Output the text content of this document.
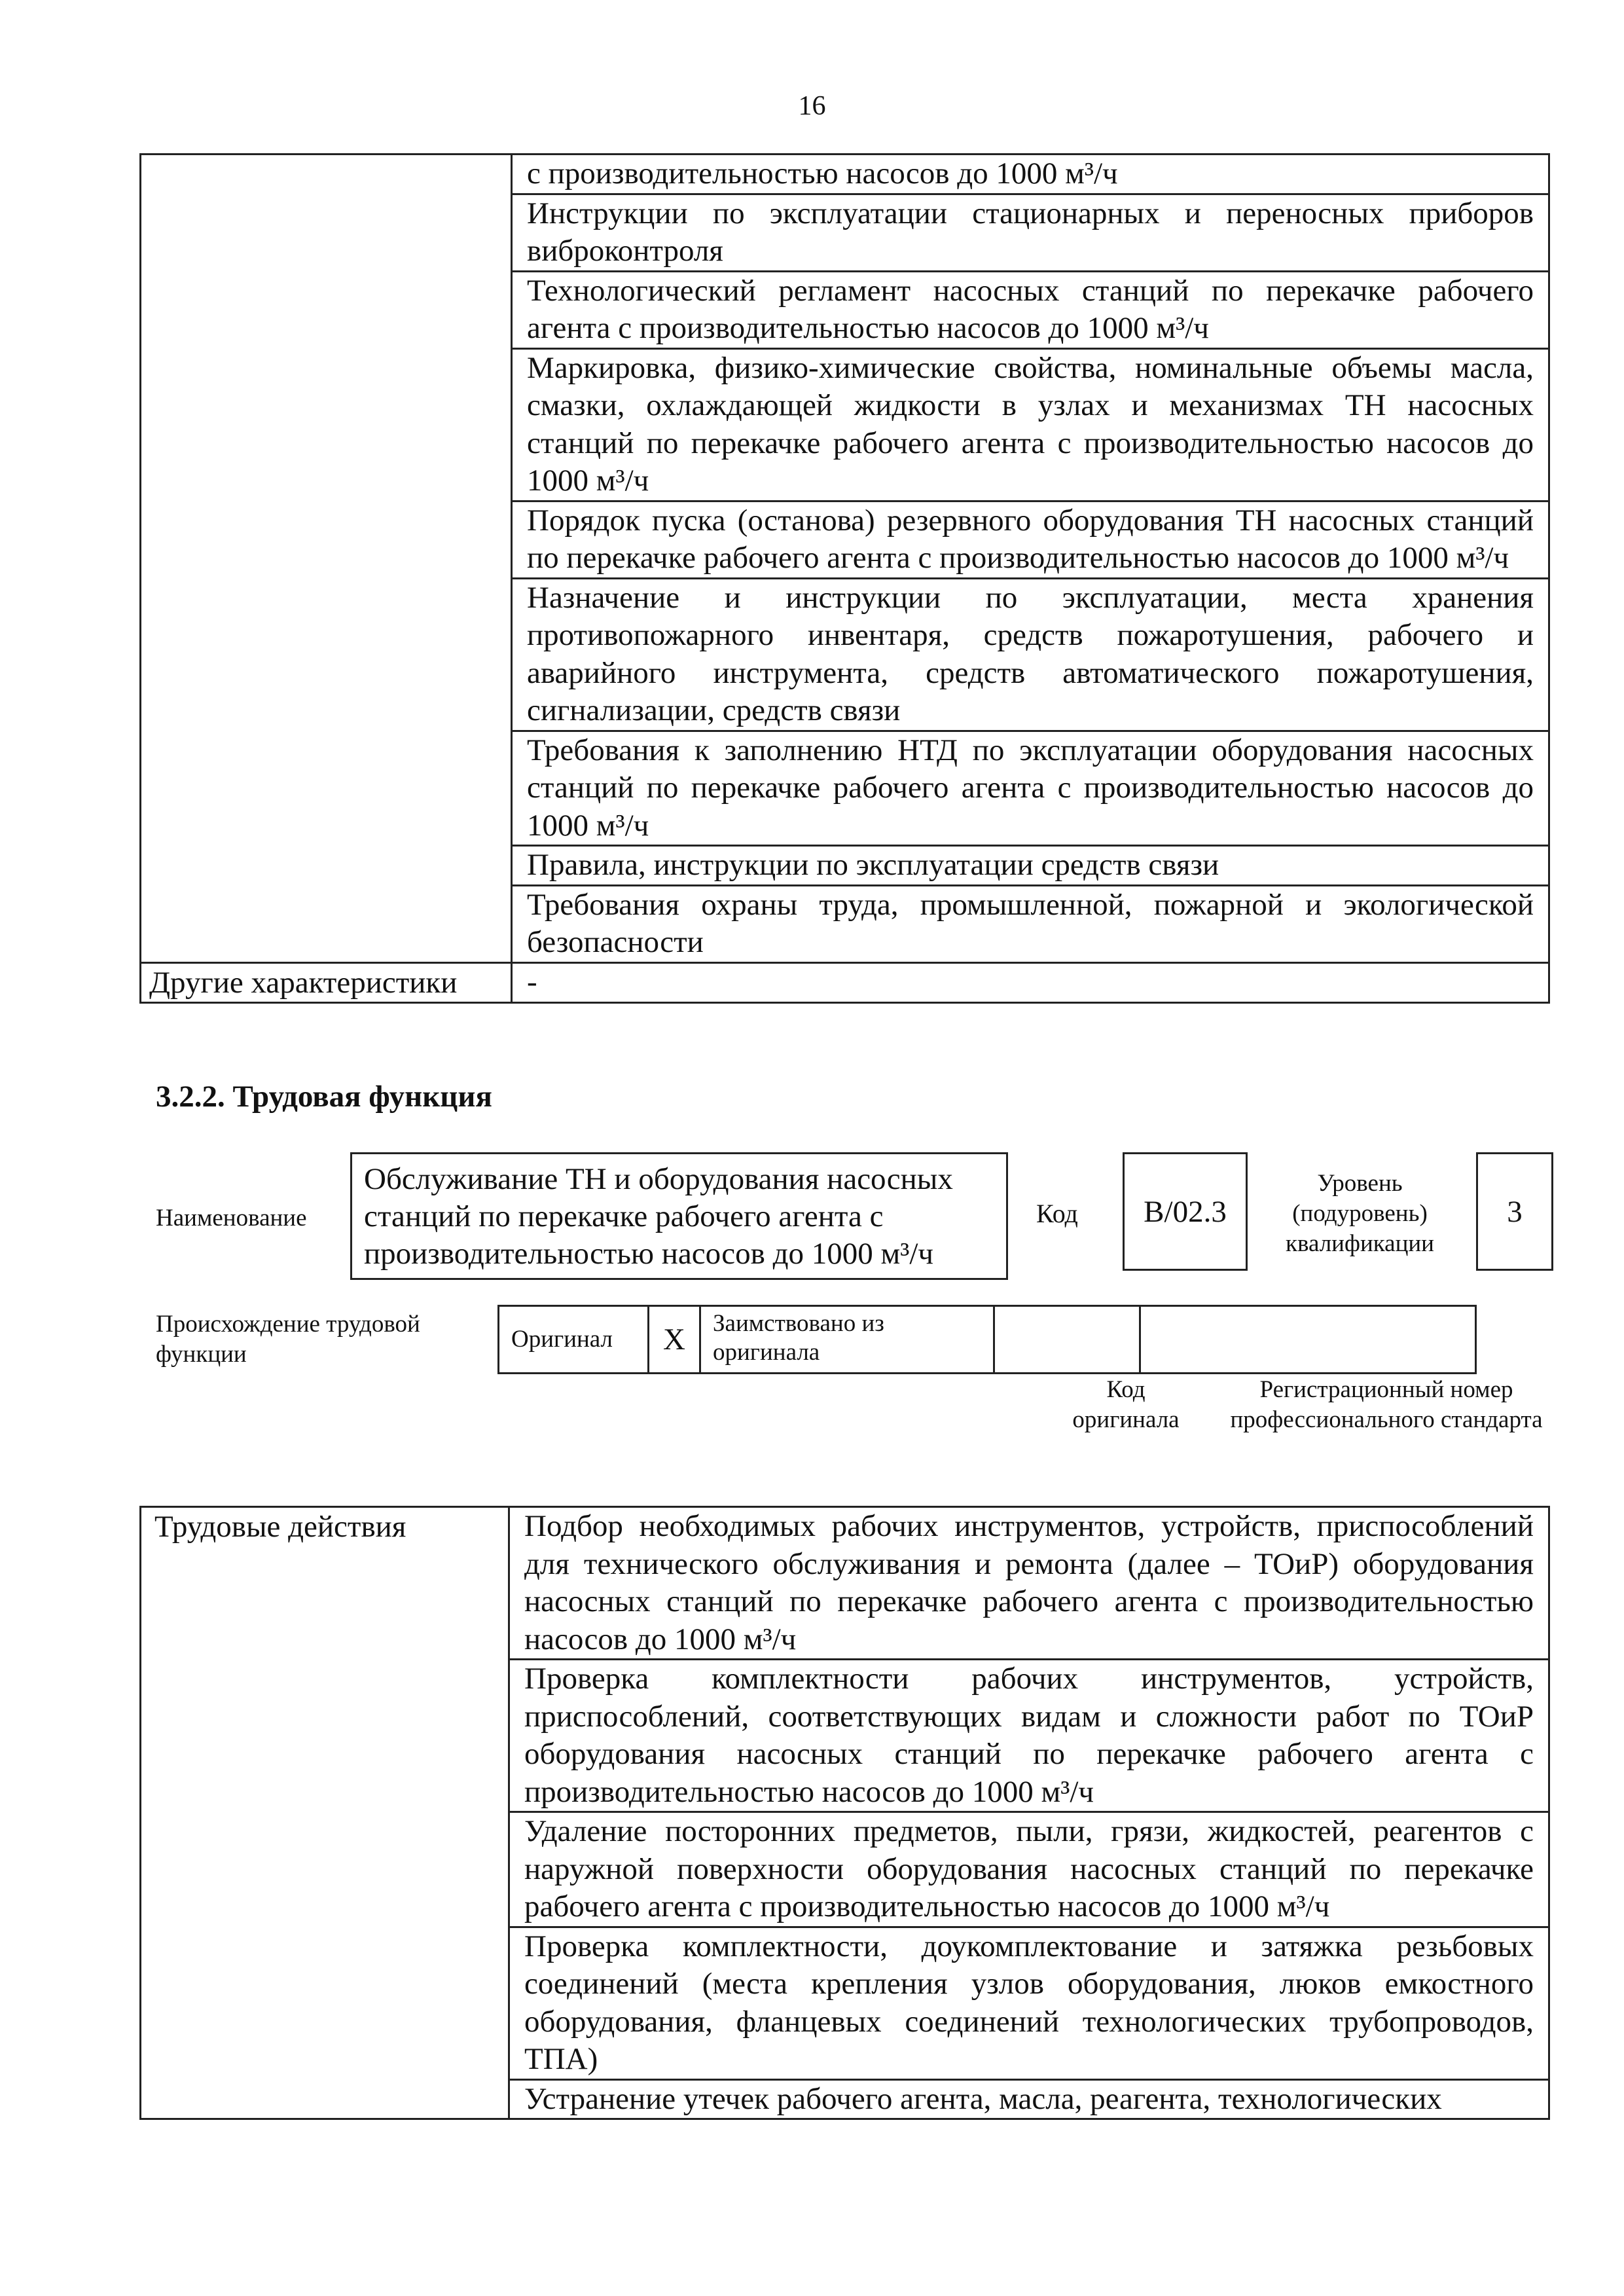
16
	с производительностью насосов до 1000 м³/ч
	Инструкции по эксплуатации стационарных и переносных приборов виброконтроля
	Технологический регламент насосных станций по перекачке рабочего агента с производительностью насосов до 1000 м³/ч
	Маркировка, физико-химические свойства, номинальные объемы масла, смазки, охлаждающей жидкости в узлах и механизмах ТН насосных станций по перекачке рабочего агента с производительностью насосов до 1000 м³/ч
	Порядок пуска (останова) резервного оборудования ТН насосных станций по перекачке рабочего агента с производительностью насосов до 1000 м³/ч
	Назначение и инструкции по эксплуатации, места хранения противопожарного инвентаря, средств пожаротушения, рабочего и аварийного инструмента, средств автоматического пожаротушения, сигнализации, средств связи
	Требования к заполнению НТД по эксплуатации оборудования насосных станций по перекачке рабочего агента с производительностью насосов до 1000 м³/ч
	Правила, инструкции по эксплуатации средств связи
	Требования охраны труда, промышленной, пожарной и экологической безопасности
Другие характеристики	-
3.2.2. Трудовая функция
Наименование
Обслуживание ТН и оборудования насосных станций по перекачке рабочего агента с производительностью насосов до 1000 м³/ч
Код	B/02.3
Уровень (подуровень) квалификации
3
Происхождение трудовой функции
Оригинал	X	Заимствовано из оригинала		
Код оригинала
Регистрационный номер профессионального стандарта
Трудовые действия	Подбор необходимых рабочих инструментов, устройств, приспособлений для технического обслуживания и ремонта (далее – ТОиР) оборудования насосных станций по перекачке рабочего агента с производительностью насосов до 1000 м³/ч
Проверка комплектности рабочих инструментов, устройств, приспособлений, соответствующих видам и сложности работ по ТОиР оборудования насосных станций по перекачке рабочего агента с производительностью насосов до 1000 м³/ч
Удаление посторонних предметов, пыли, грязи, жидкостей, реагентов с наружной поверхности оборудования насосных станций по перекачке рабочего агента с производительностью насосов до 1000 м³/ч
Проверка комплектности, доукомплектование и затяжка резьбовых соединений (места крепления узлов оборудования, люков емкостного оборудования, фланцевых соединений технологических трубопроводов, ТПА)
Устранение утечек рабочего агента, масла, реагента, технологических
